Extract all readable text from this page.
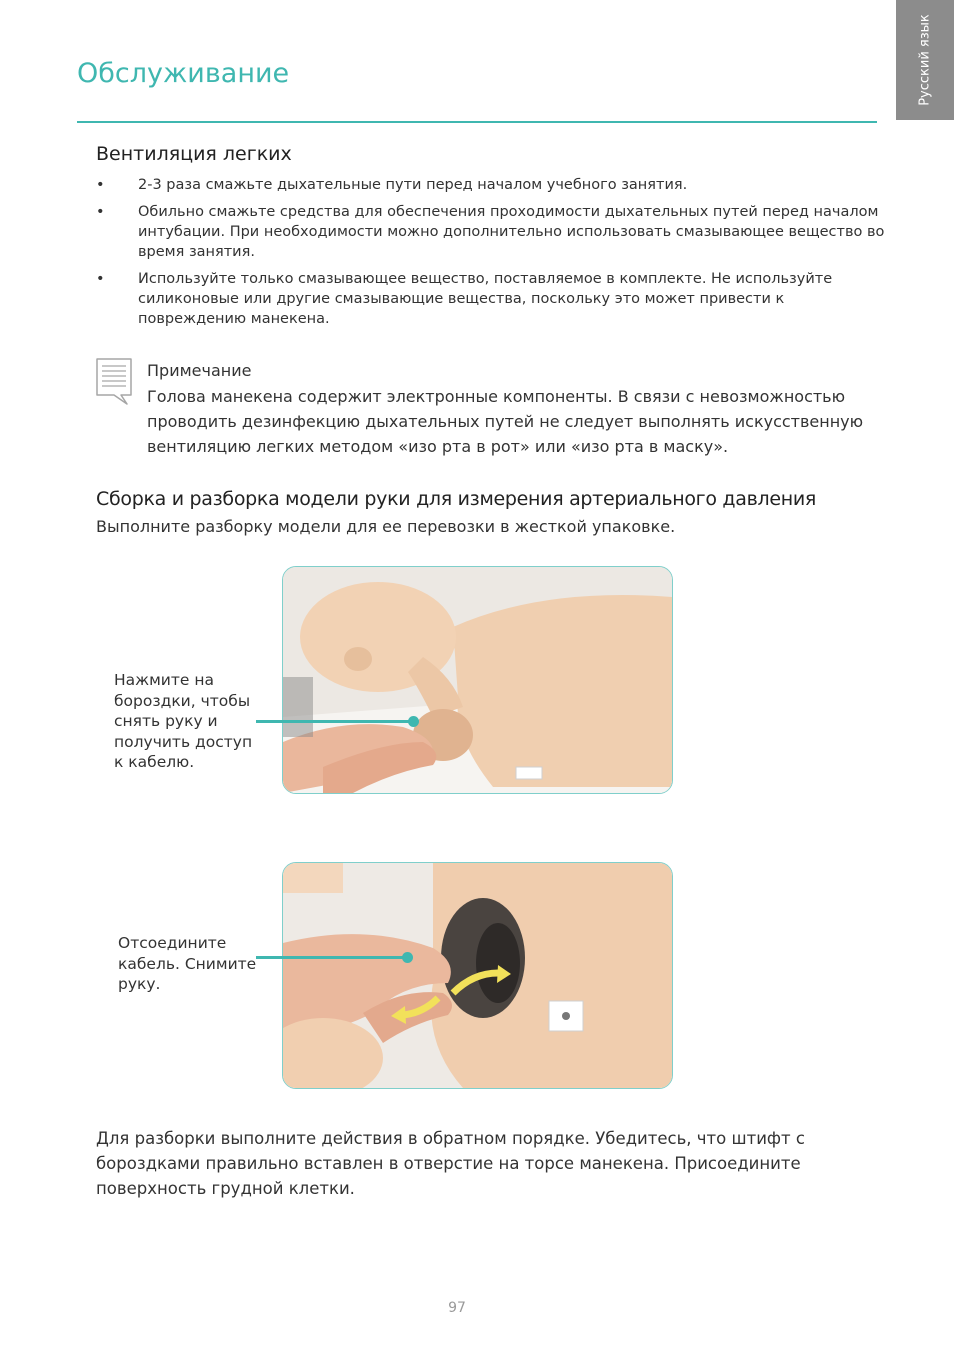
Русский язык
Обслуживание
Вентиляция легких
• 2-3 раза смажьте дыхательные пути перед началом учебного занятия.
• Обильно смажьте средства для обеспечения проходимости дыхательных путей перед началом интубации. При необходимости можно дополнительно использовать смазывающее вещество во время занятия.
• Используйте только смазывающее вещество, поставляемое в комплекте. Не используйте силиконовые или другие смазывающие вещества, поскольку это может привести к повреждению манекена.
Примечание
Голова манекена содержит электронные компоненты. В связи с невозможностью проводить дезинфекцию дыхательных путей не следует выполнять искусственную вентиляцию легких методом «изо рта в рот» или «изо рта в маску».
Сборка и разборка модели руки для измерения артериального давления
Выполните разборку модели для ее перевозки в жесткой упаковке.
Нажмите на бороздки, чтобы снять руку и получить доступ к кабелю.
Отсоедините кабель. Снимите руку.
Для разборки выполните действия в обратном порядке. Убедитесь, что штифт с бороздками правильно вставлен в отверстие на торсе манекена. Присоедините поверхность грудной клетки.
97
